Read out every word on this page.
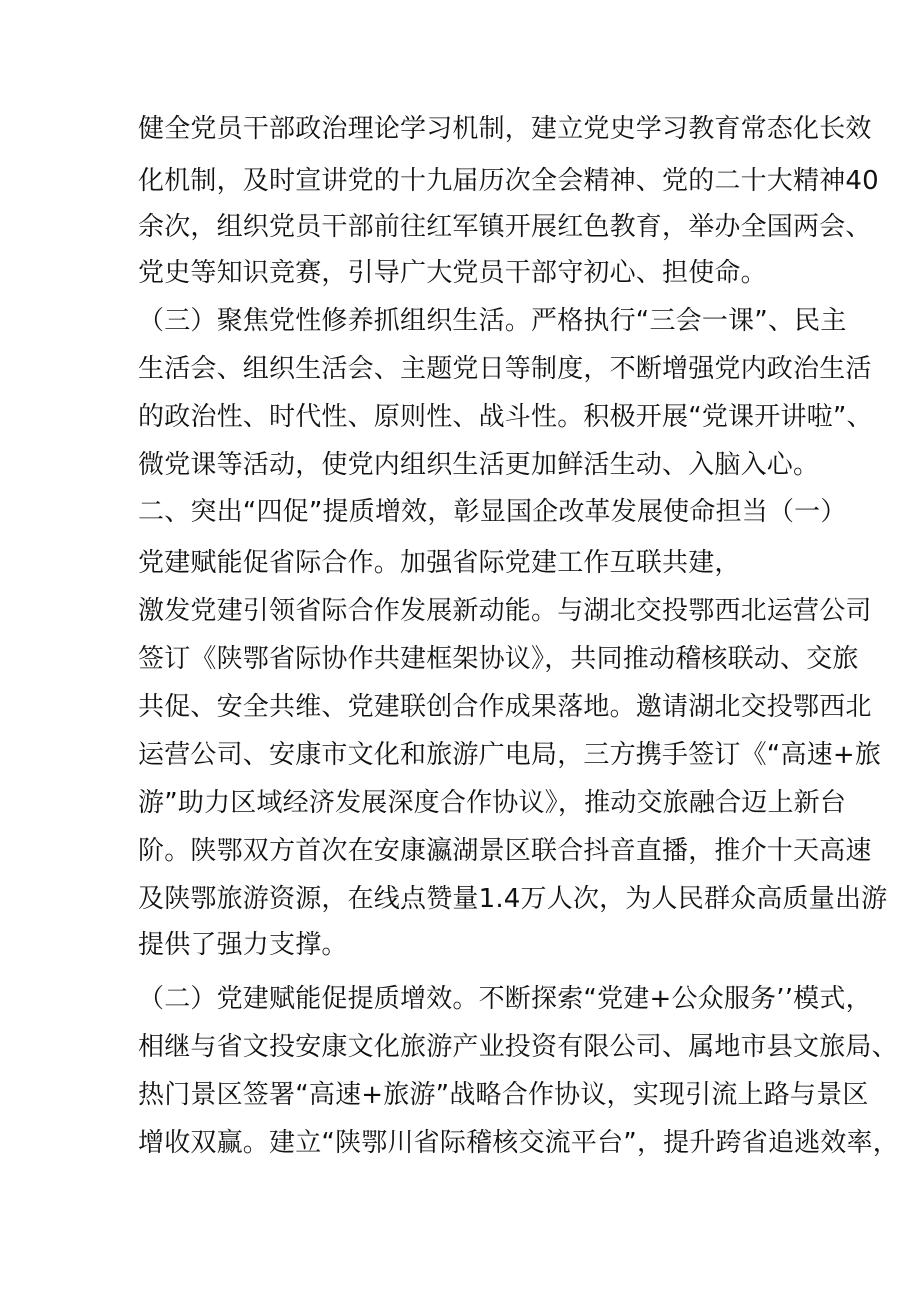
健全党员干部政治理论学习机制，建立党史学习教育常态化长效
化机制，及时宣讲党的十九届历次全会精神、党的二十大精神40
余次，组织党员干部前往红军镇开展红色教育，举办全国两会、
党史等知识竞赛，引导广大党员干部守初心、担使命。
（三）聚焦党性修养抓组织生活。严格执行“三会一课”、民主
生活会、组织生活会、主题党日等制度，不断增强党内政治生活
的政治性、时代性、原则性、战斗性。积极开展“党课开讲啦”、
微党课等活动，使党内组织生活更加鲜活生动、入脑入心。
二、突出“四促”提质增效，彰显国企改革发展使命担当（一）
党建赋能促省际合作。加强省际党建工作互联共建，
激发党建引领省际合作发展新动能。与湖北交投鄂西北运营公司
签订《陕鄂省际协作共建框架协议》，共同推动稽核联动、交旅
共促、安全共维、党建联创合作成果落地。邀请湖北交投鄂西北
运营公司、安康市文化和旅游广电局，三方携手签订《“高速+旅
游”助力区域经济发展深度合作协议》，推动交旅融合迈上新台
阶。陕鄂双方首次在安康瀛湖景区联合抖音直播，推介十天高速
及陕鄂旅游资源，在线点赞量1.4万人次，为人民群众高质量出游
提供了强力支撑。
（二）党建赋能促提质增效。不断探索“党建+公众服务’’模式，
相继与省文投安康文化旅游产业投资有限公司、属地市县文旅局、
热门景区签署“高速+旅游”战略合作协议，实现引流上路与景区
增收双赢。建立“陕鄂川省际稽核交流平台”，提升跨省追逃效率，
